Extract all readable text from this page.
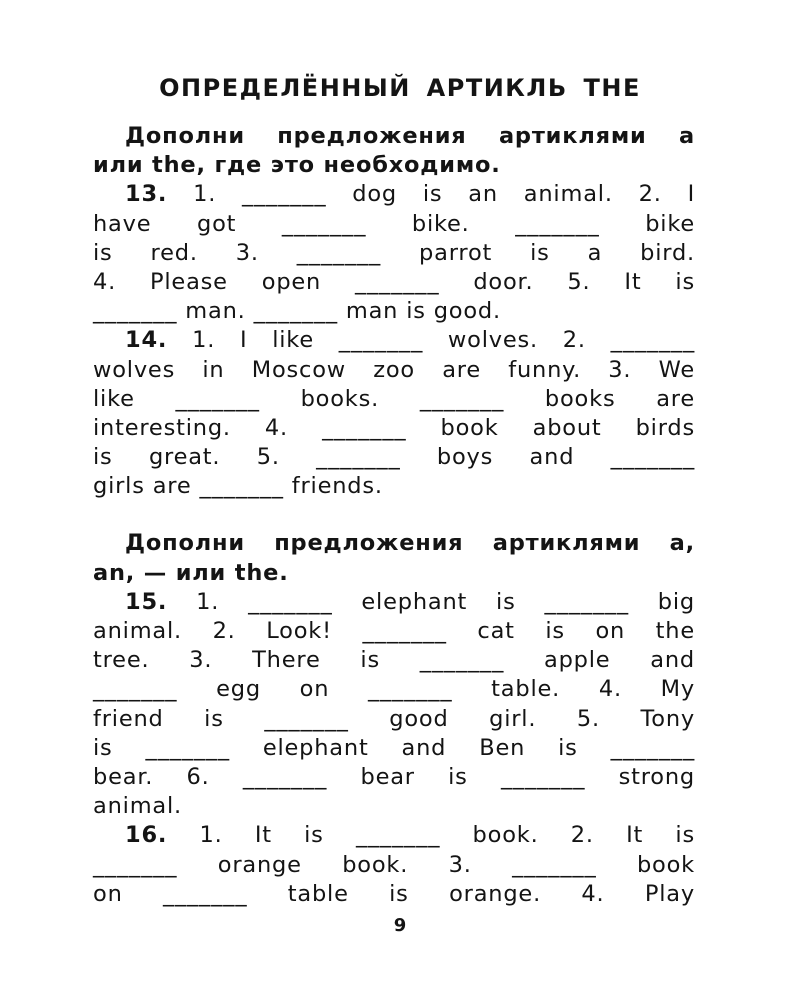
ОПРЕДЕЛЁННЫЙ АРТИКЛЬ THE
Дополни предложения артиклями a
или the, где это необходимо.
13. 1. _______ dog is an animal. 2. I
have got _______ bike. _______ bike
is red. 3. _______ parrot is a bird.
4. Please open _______ door. 5. It is
_______ man. _______ man is good.
14. 1. I like _______ wolves. 2. _______
wolves in Moscow zoo are funny. 3. We
like _______ books. _______ books are
interesting. 4. _______ book about birds
is great. 5. _______ boys and _______
girls are _______ friends.
Дополни предложения артиклями a,
an, — или the.
15. 1. _______ elephant is _______ big
animal. 2. Look! _______ cat is on the
tree. 3. There is _______ apple and
_______ egg on _______ table. 4. My
friend is _______ good girl. 5. Tony
is _______ elephant and Ben is _______
bear. 6. _______ bear is _______ strong
animal.
16. 1. It is _______ book. 2. It is
_______ orange book. 3. _______ book
on _______ table is orange. 4. Play
9
